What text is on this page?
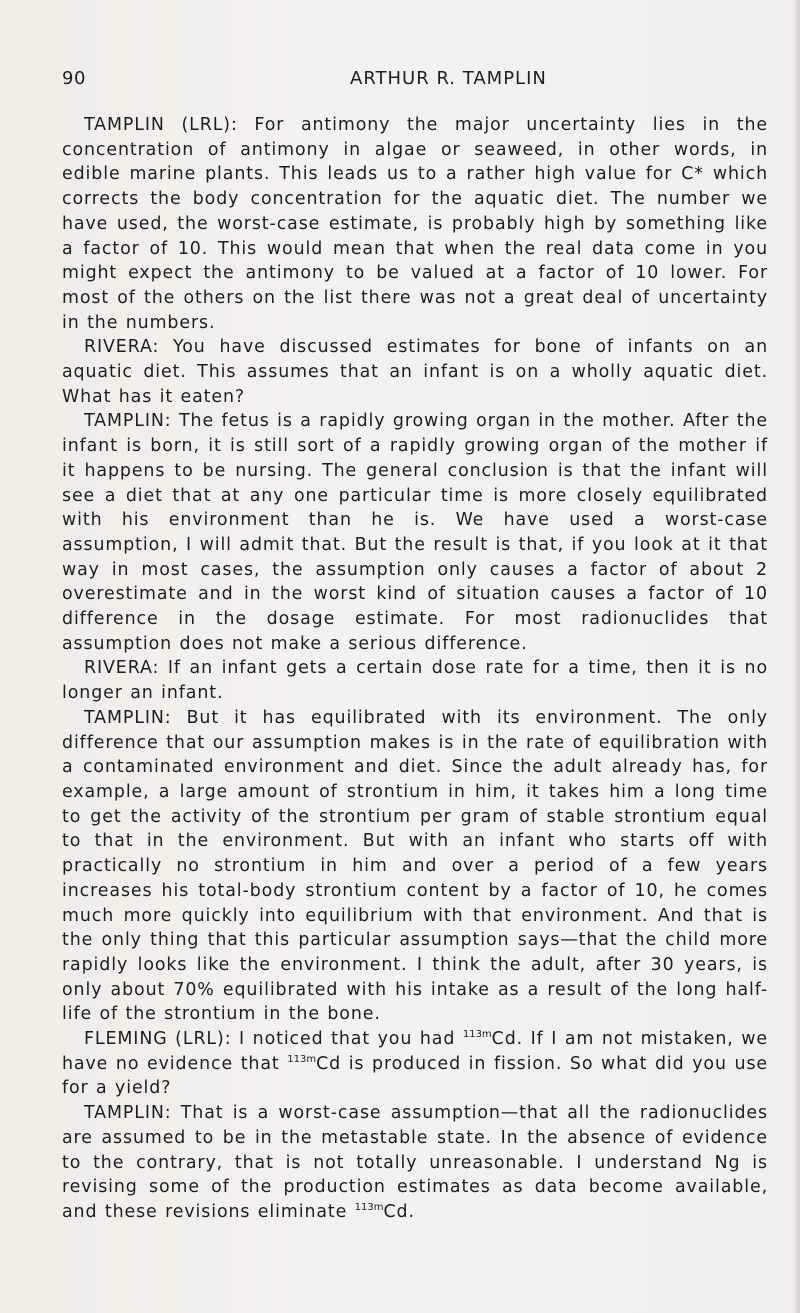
90	ARTHUR R. TAMPLIN

TAMPLIN (LRL): For antimony the major uncertainty lies in the concentration of antimony in algae or seaweed, in other words, in edible marine plants. This leads us to a rather high value for C* which corrects the body concentration for the aquatic diet. The number we have used, the worst-case estimate, is probably high by something like a factor of 10. This would mean that when the real data come in you might expect the antimony to be valued at a factor of 10 lower. For most of the others on the list there was not a great deal of uncertainty in the numbers.

RIVERA: You have discussed estimates for bone of infants on an aquatic diet. This assumes that an infant is on a wholly aquatic diet. What has it eaten?

TAMPLIN: The fetus is a rapidly growing organ in the mother. After the infant is born, it is still sort of a rapidly growing organ of the mother if it happens to be nursing. The general conclusion is that the infant will see a diet that at any one particular time is more closely equilibrated with his environment than he is. We have used a worst-case assumption, I will admit that. But the result is that, if you look at it that way in most cases, the assumption only causes a factor of about 2 overestimate and in the worst kind of situation causes a factor of 10 difference in the dosage estimate. For most radionuclides that assumption does not make a serious difference.

RIVERA: If an infant gets a certain dose rate for a time, then it is no longer an infant.

TAMPLIN: But it has equilibrated with its environment. The only difference that our assumption makes is in the rate of equilibration with a contaminated environment and diet. Since the adult already has, for example, a large amount of strontium in him, it takes him a long time to get the activity of the strontium per gram of stable strontium equal to that in the environment. But with an infant who starts off with practically no strontium in him and over a period of a few years increases his total-body strontium content by a factor of 10, he comes much more quickly into equilibrium with that environment. And that is the only thing that this particular assumption says—that the child more rapidly looks like the environment. I think the adult, after 30 years, is only about 70% equilibrated with his intake as a result of the long half-life of the strontium in the bone.

FLEMING (LRL): I noticed that you had $^{113m}$Cd. If I am not mistaken, we have no evidence that $^{113m}$Cd is produced in fission. So what did you use for a yield?

TAMPLIN: That is a worst-case assumption—that all the radionuclides are assumed to be in the metastable state. In the absence of evidence to the contrary, that is not totally unreasonable. I understand Ng is revising some of the production estimates as data become available, and these revisions eliminate $^{113m}$Cd.
